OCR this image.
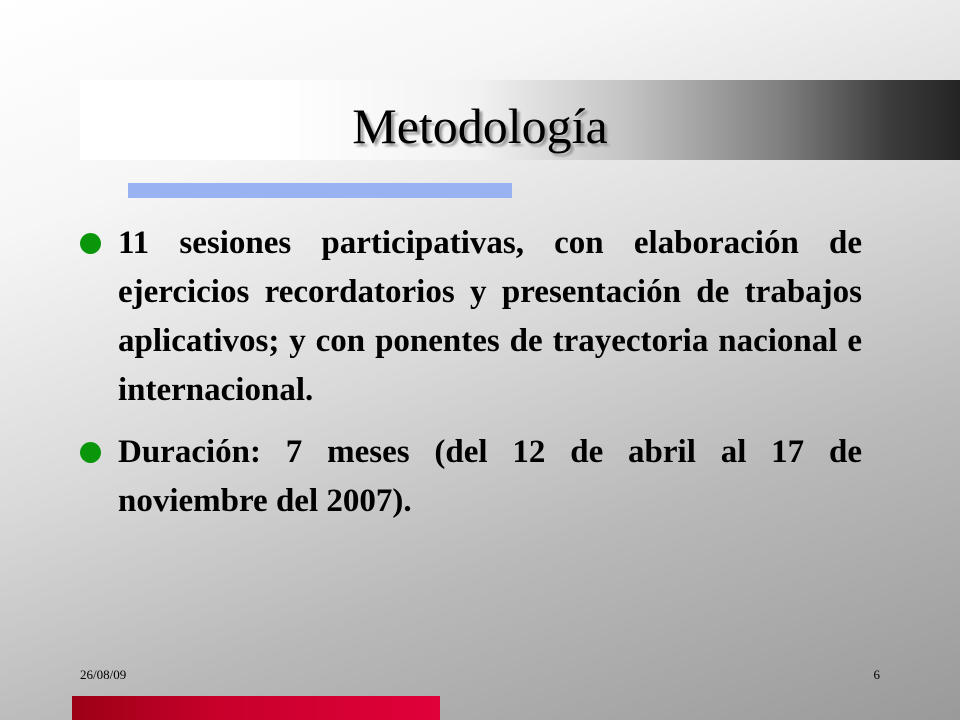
Metodología
11 sesiones participativas, con elaboración de ejercicios recordatorios y presentación de trabajos aplicativos; y con ponentes de trayectoria nacional e internacional.
Duración: 7 meses (del 12 de abril al 17 de noviembre del 2007).
26/08/09	6
